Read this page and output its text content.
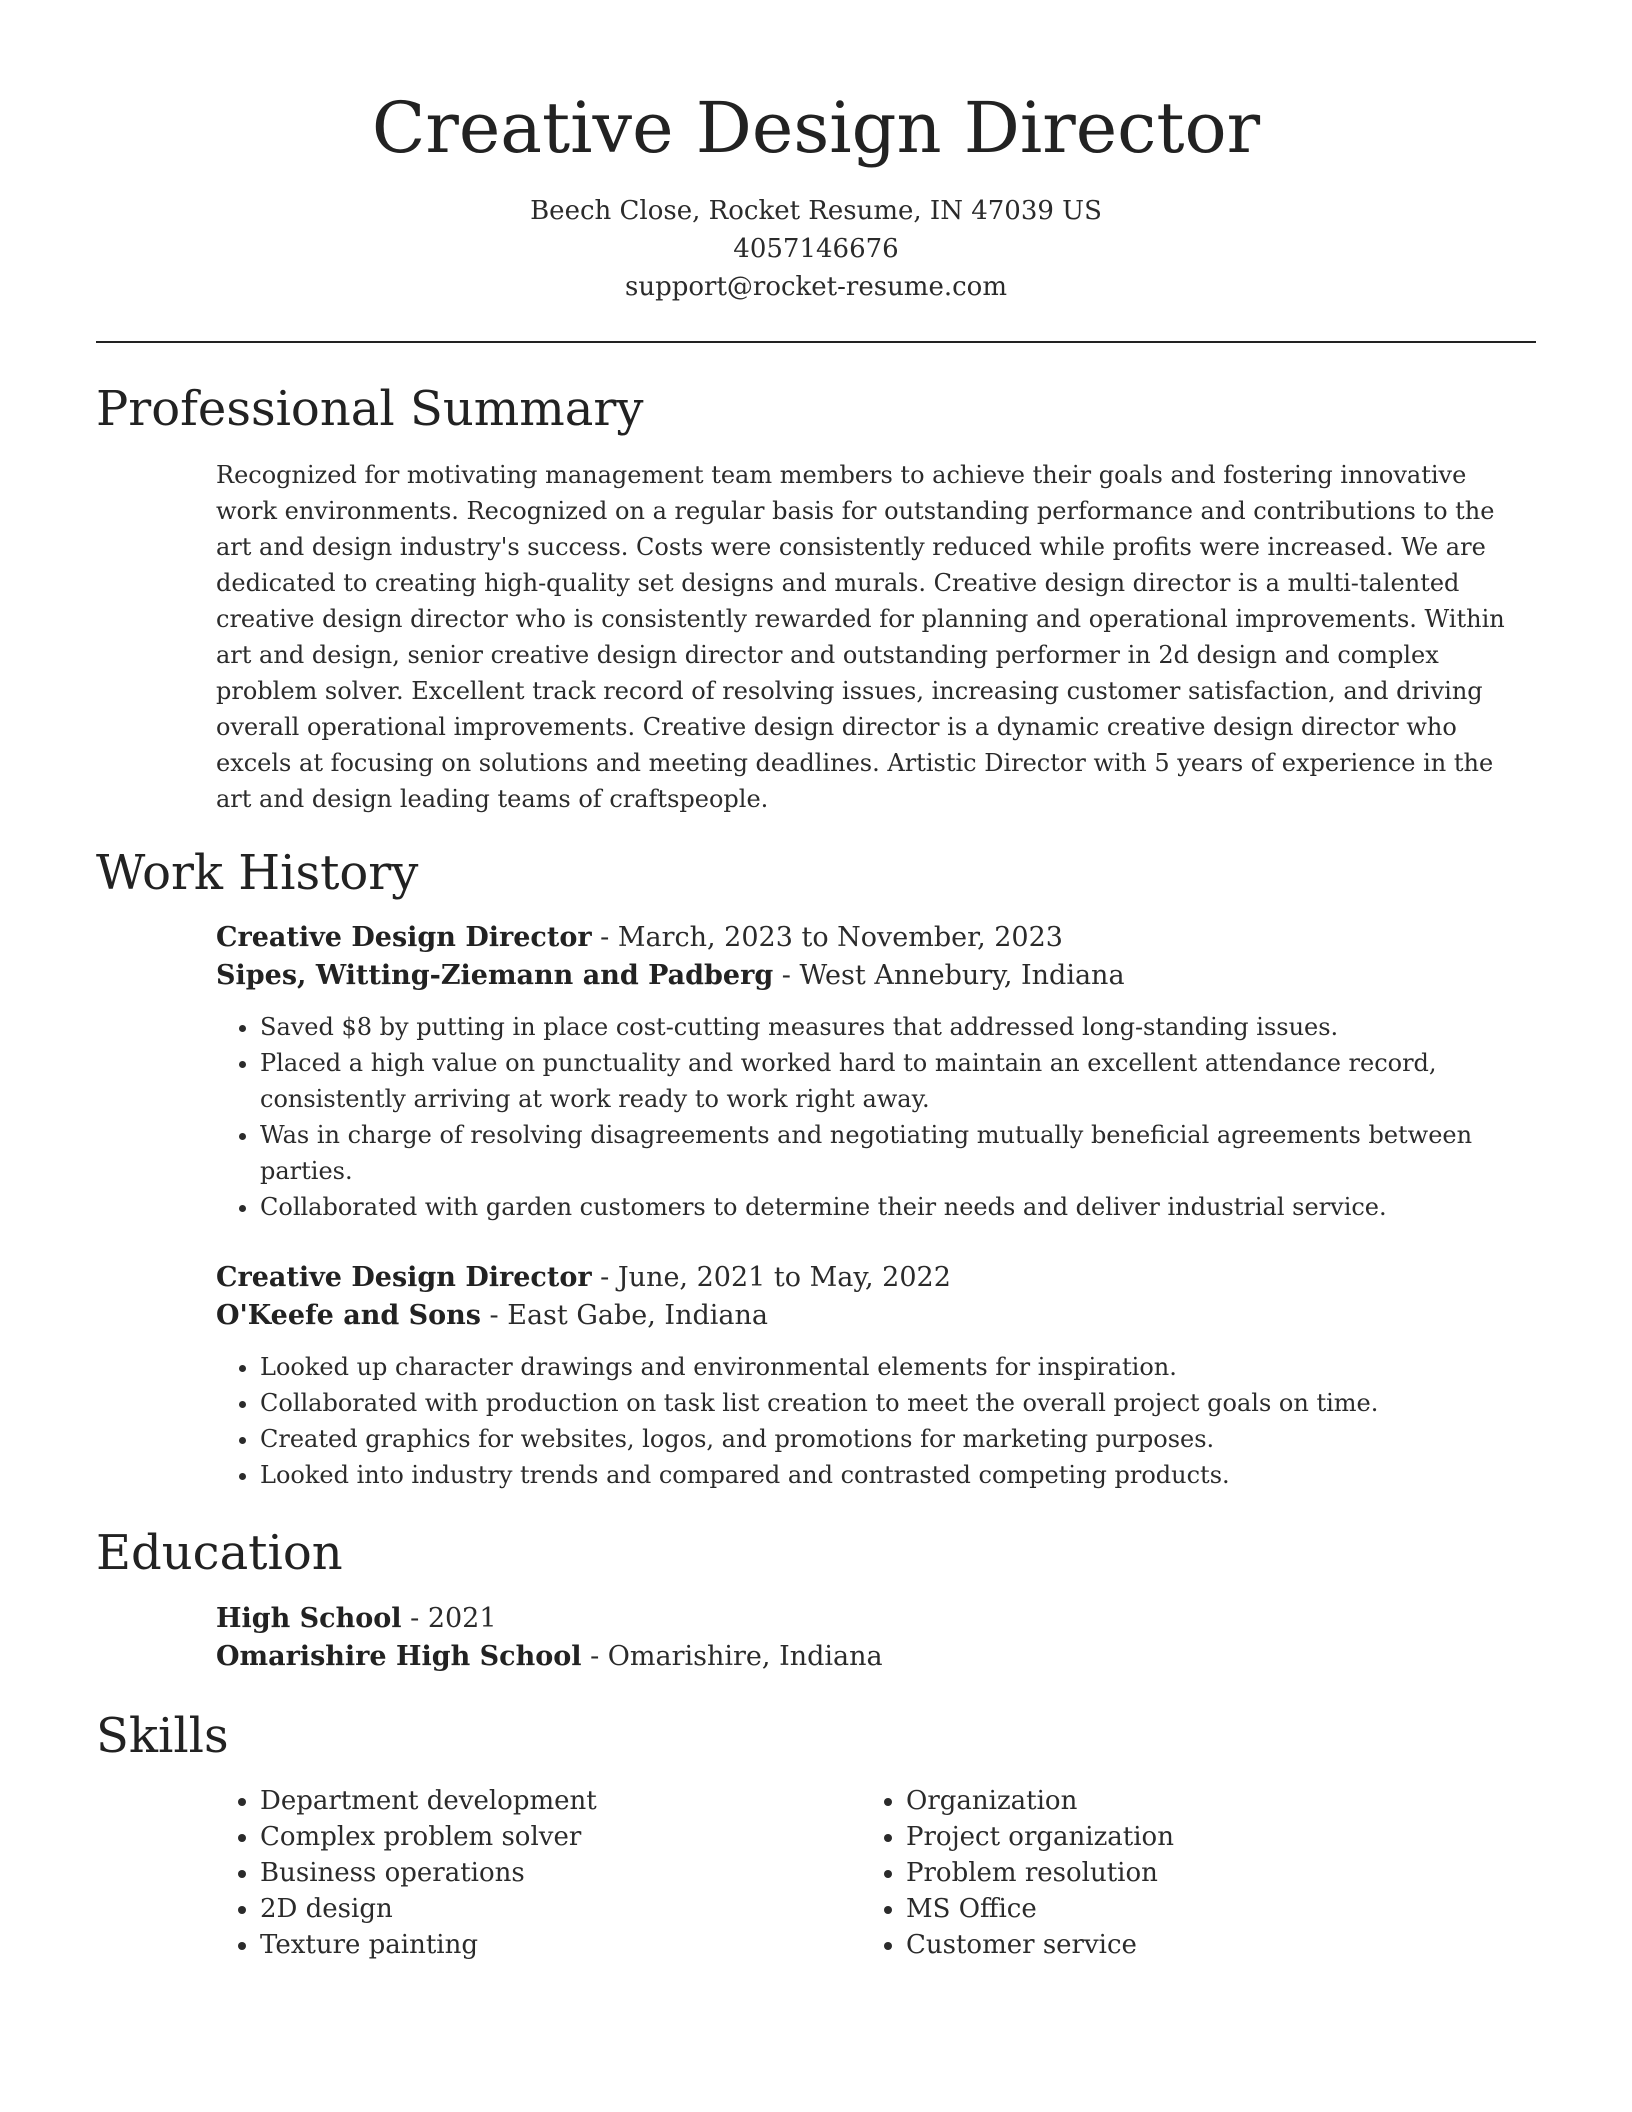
Creative Design Director
Beech Close, Rocket Resume, IN 47039 US
4057146676
support@rocket-resume.com
Professional Summary

Recognized for motivating management team members to achieve their goals and fostering innovative work environments. Recognized on a regular basis for outstanding performance and contributions to the art and design industry's success. Costs were consistently reduced while profits were increased. We are dedicated to creating high-quality set designs and murals. Creative design director is a multi-talented creative design director who is consistently rewarded for planning and operational improvements. Within art and design, senior creative design director and outstanding performer in 2d design and complex problem solver. Excellent track record of resolving issues, increasing customer satisfaction, and driving overall operational improvements. Creative design director is a dynamic creative design director who excels at focusing on solutions and meeting deadlines. Artistic Director with 5 years of experience in the art and design leading teams of craftspeople.

Work History
Creative Design Director - March, 2023 to November, 2023
Sipes, Witting-Ziemann and Padberg - West Annebury, Indiana
• Saved $8 by putting in place cost-cutting measures that addressed long-standing issues.
• Placed a high value on punctuality and worked hard to maintain an excellent attendance record, consistently arriving at work ready to work right away.
• Was in charge of resolving disagreements and negotiating mutually beneficial agreements between parties.
• Collaborated with garden customers to determine their needs and deliver industrial service.
Creative Design Director - June, 2021 to May, 2022
O'Keefe and Sons - East Gabe, Indiana
• Looked up character drawings and environmental elements for inspiration.
• Collaborated with production on task list creation to meet the overall project goals on time.
• Created graphics for websites, logos, and promotions for marketing purposes.
• Looked into industry trends and compared and contrasted competing products.
Education
High School - 2021
Omarishire High School - Omarishire, Indiana
Skills
• Department development
• Complex problem solver
• Business operations
• 2D design
• Texture painting
• Organization
• Project organization
• Problem resolution
• MS Office
• Customer service
